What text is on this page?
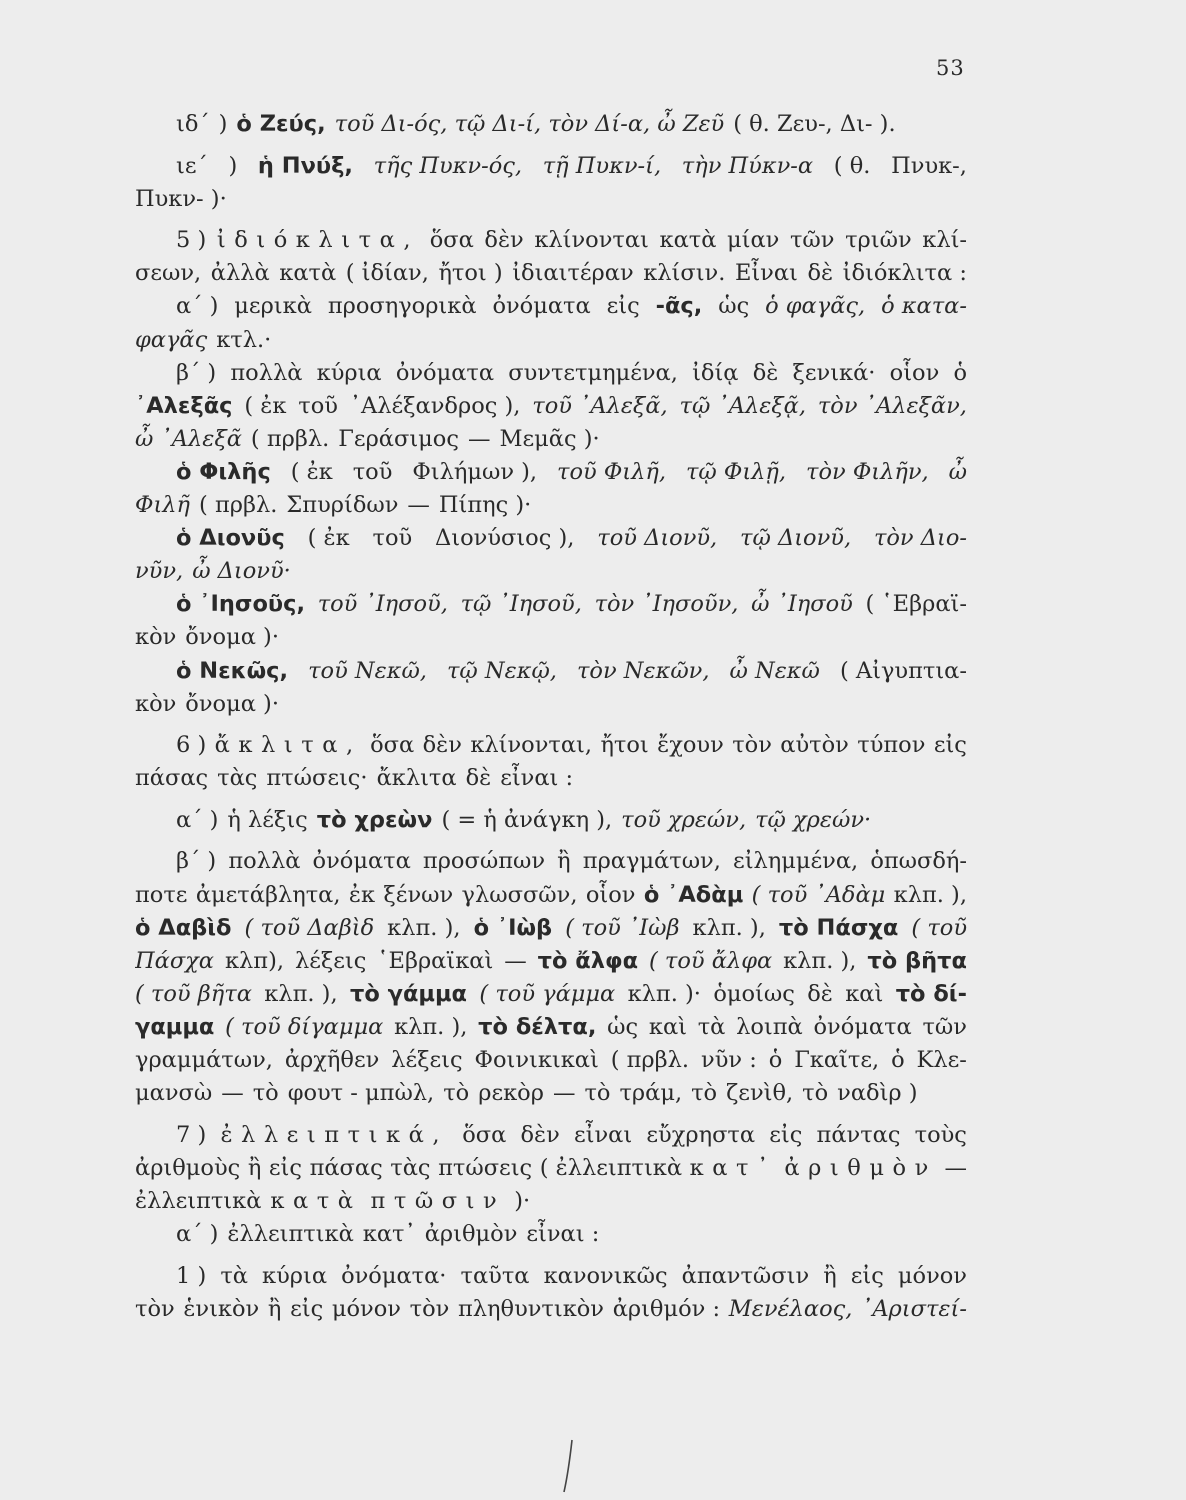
53
ιδ´ ) ὁ Ζεύς, τοῦ Δι-ός, τῷ Δι-ί, τὸν Δί-α, ὦ Ζεῦ ( θ. Ζευ-, Δι- ).
ιε´ ) ἡ Πνύξ, τῆς Πυκν-ός, τῇ Πυκν-ί, τὴν Πύκν-α ( θ. Πνυκ-,
Πυκν- )·
5 ) ἰδιόκλιτα, ὅσα δὲν κλίνονται κατὰ μίαν τῶν τριῶν κλί-
σεων, ἀλλὰ κατὰ ( ἰδίαν, ἤτοι ) ἰδιαιτέραν κλίσιν. Εἶναι δὲ ἰδιόκλιτα :
α´ ) μερικὰ προσηγορικὰ ὀνόματα εἰς -ᾶς, ὡς ὁ φαγᾶς, ὁ κατα-
φαγᾶς κτλ.·
β´ ) πολλὰ κύρια ὀνόματα συντετμημένα, ἰδίᾳ δὲ ξενικά· οἷον ὁ
᾿Αλεξᾶς ( ἐκ τοῦ ᾿Αλέξανδρος ), τοῦ ᾿Αλεξᾶ, τῷ ᾿Αλεξᾷ, τὸν ᾿Αλεξᾶν,
ὦ ᾿Αλεξᾶ ( πρβλ. Γεράσιμος — Μεμᾶς )·
ὁ Φιλῆς ( ἐκ τοῦ Φιλήμων ), τοῦ Φιλῆ, τῷ Φιλῇ, τὸν Φιλῆν, ὦ
Φιλῆ ( πρβλ. Σπυρίδων — Πίπης )·
ὁ Διονῦς ( ἐκ τοῦ Διονύσιος ), τοῦ Διονῦ, τῷ Διονῦ, τὸν Διο-
νῦν, ὦ Διονῦ·
ὁ ᾿Ιησοῦς, τοῦ ᾿Ιησοῦ, τῷ ᾿Ιησοῦ, τὸν ᾿Ιησοῦν, ὦ ᾿Ιησοῦ ( ῾Εβραϊ-
κὸν ὄνομα )·
ὁ Νεκῶς, τοῦ Νεκῶ, τῷ Νεκῷ, τὸν Νεκῶν, ὦ Νεκῶ ( Αἰγυπτια-
κὸν ὄνομα )·
6 ) ἄκλιτα, ὅσα δὲν κλίνονται, ἤτοι ἔχουν τὸν αὐτὸν τύπον εἰς
πάσας τὰς πτώσεις· ἄκλιτα δὲ εἶναι :
α´ ) ἡ λέξις τὸ χρεὼν ( = ἡ ἀνάγκη ), τοῦ χρεών, τῷ χρεών·
β´ ) πολλὰ ὀνόματα προσώπων ἢ πραγμάτων, εἰλημμένα, ὁπωσδή-
ποτε ἀμετάβλητα, ἐκ ξένων γλωσσῶν, οἷον ὁ ᾿Αδὰμ ( τοῦ ᾿Αδὰμ κλπ. ),
ὁ Δαβὶδ ( τοῦ Δαβὶδ κλπ. ), ὁ ᾿Ιὼβ ( τοῦ ᾿Ιὼβ κλπ. ), τὸ Πάσχα ( τοῦ
Πάσχα κλπ), λέξεις ῾Εβραϊκαὶ — τὸ ἄλφα ( τοῦ ἄλφα κλπ. ), τὸ βῆτα
( τοῦ βῆτα κλπ. ), τὸ γάμμα ( τοῦ γάμμα κλπ. )· ὁμοίως δὲ καὶ τὸ δί-
γαμμα ( τοῦ δίγαμμα κλπ. ), τὸ δέλτα, ὡς καὶ τὰ λοιπὰ ὀνόματα τῶν
γραμμάτων, ἀρχῆθεν λέξεις Φοινικικαὶ ( πρβλ. νῦν : ὁ Γκαῖτε, ὁ Κλε-
μανσὼ — τὸ φουτ - μπὼλ, τὸ ρεκὸρ — τὸ τράμ, τὸ ζενὶθ, τὸ ναδὶρ )
7 ) ἐλλειπτικά, ὅσα δὲν εἶναι εὔχρηστα εἰς πάντας τοὺς
ἀριθμοὺς ἢ εἰς πάσας τὰς πτώσεις ( ἐλλειπτικὰ κατ᾿ ἀριθμὸν —
ἐλλειπτικὰ κατὰ πτῶσιν )·
α´ ) ἐλλειπτικὰ κατ᾿ ἀριθμὸν εἶναι :
1 ) τὰ κύρια ὀνόματα· ταῦτα κανονικῶς ἀπαντῶσιν ἢ εἰς μόνον
τὸν ἑνικὸν ἢ εἰς μόνον τὸν πληθυντικὸν ἀριθμόν : Μενέλαος, ᾿Αριστεί-
